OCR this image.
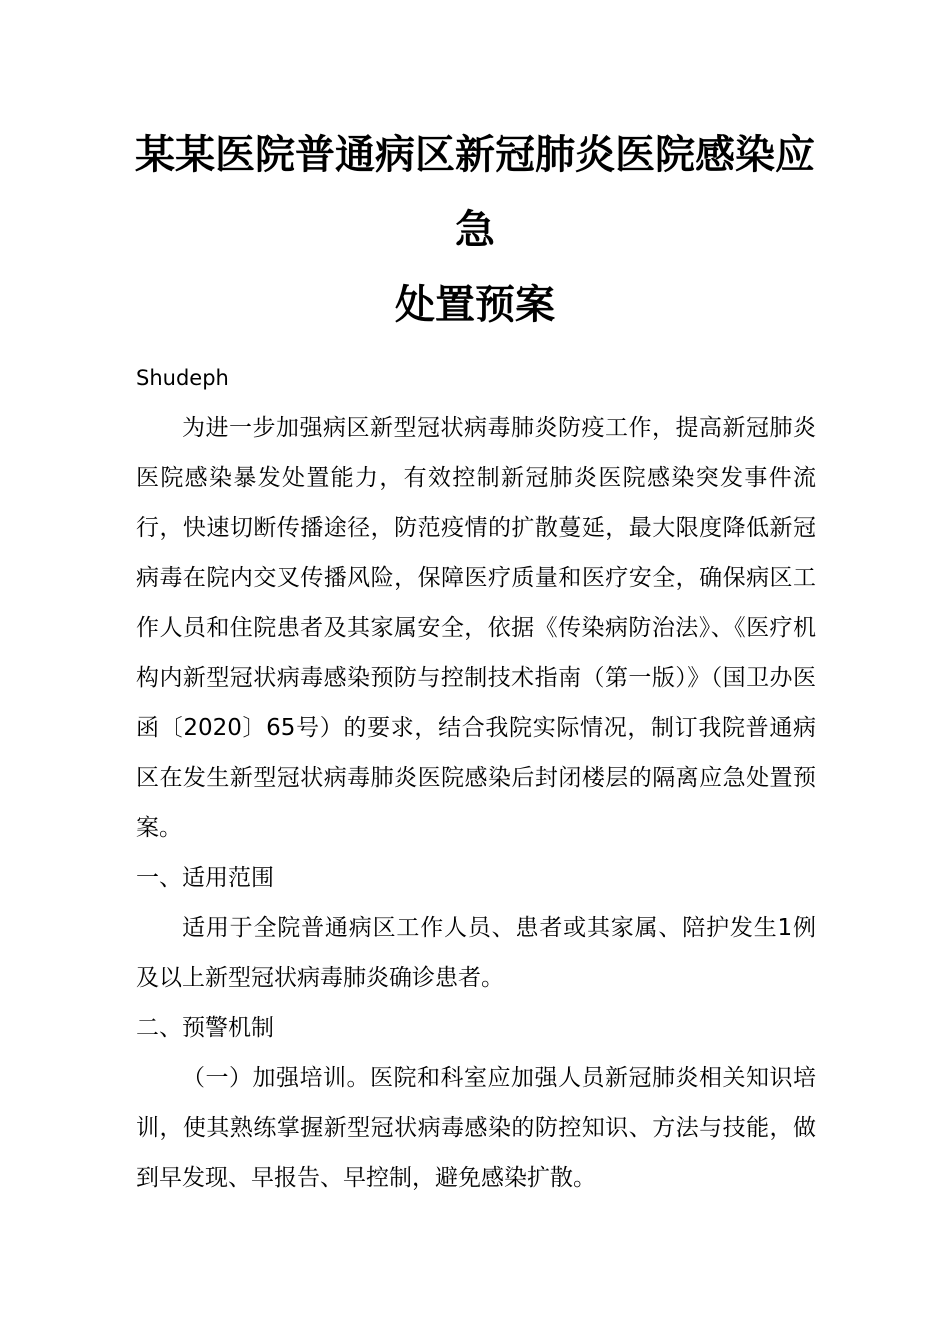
某某医院普通病区新冠肺炎医院感染应
急
处置预案
Shudeph

为进一步加强病区新型冠状病毒肺炎防疫工作，提高新冠肺炎医院感染暴发处置能力，有效控制新冠肺炎医院感染突发事件流行，快速切断传播途径，防范疫情的扩散蔓延，最大限度降低新冠病毒在院内交叉传播风险，保障医疗质量和医疗安全，确保病区工作人员和住院患者及其家属安全，依据《传染病防治法》、《医疗机构内新型冠状病毒感染预防与控制技术指南（第一版）》（国卫办医函〔2020〕65号）的要求，结合我院实际情况，制订我院普通病区在发生新型冠状病毒肺炎医院感染后封闭楼层的隔离应急处置预案。

一、适用范围

适用于全院普通病区工作人员、患者或其家属、陪护发生1例及以上新型冠状病毒肺炎确诊患者。

二、预警机制

（一）加强培训。医院和科室应加强人员新冠肺炎相关知识培训，使其熟练掌握新型冠状病毒感染的防控知识、方法与技能，做到早发现、早报告、早控制，避免感染扩散。
